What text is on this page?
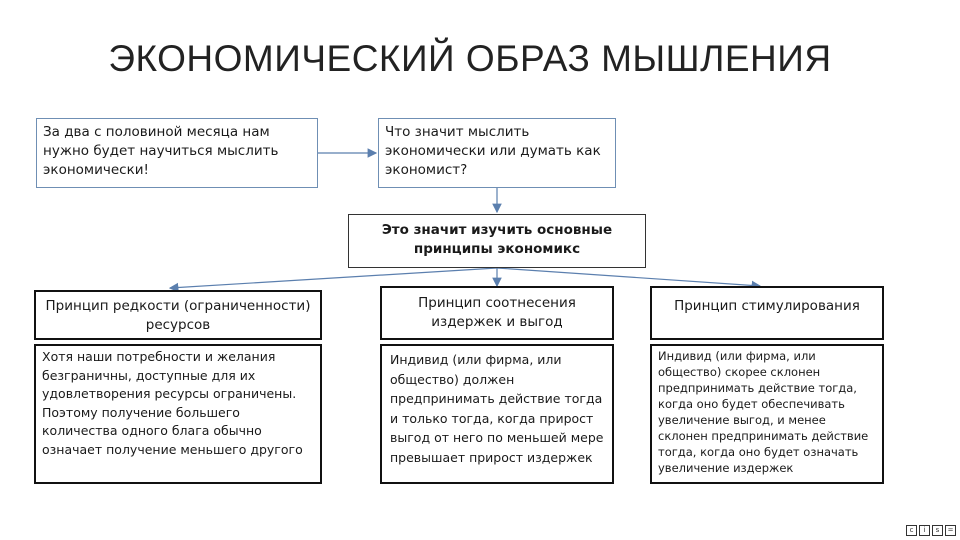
ЭКОНОМИЧЕСКИЙ ОБРАЗ МЫШЛЕНИЯ
За два с половиной месяца нам нужно будет научиться мыслить экономически!
Что значит мыслить экономически или думать как экономист?
Это значит изучить основные принципы экономикс
Принцип редкости (ограниченности) ресурсов
Хотя наши потребности и желания безграничны, доступные для их удовлетворения ресурсы ограничены. Поэтому получение большего количества одного блага обычно означает получение меньшего другого
Принцип соотнесения издержек и выгод
Индивид (или фирма, или общество) должен предпринимать действие тогда и только тогда, когда прирост выгод от него по меньшей мере превышает прирост издержек
Принцип стимулирования
Индивид (или фирма, или общество) скорее склонен предпринимать действие тогда, когда оно будет обеспечивать увеличение выгод, и менее склонен предпринимать действие тогда, когда оно будет означать увеличение издержек
c	i	s	=
